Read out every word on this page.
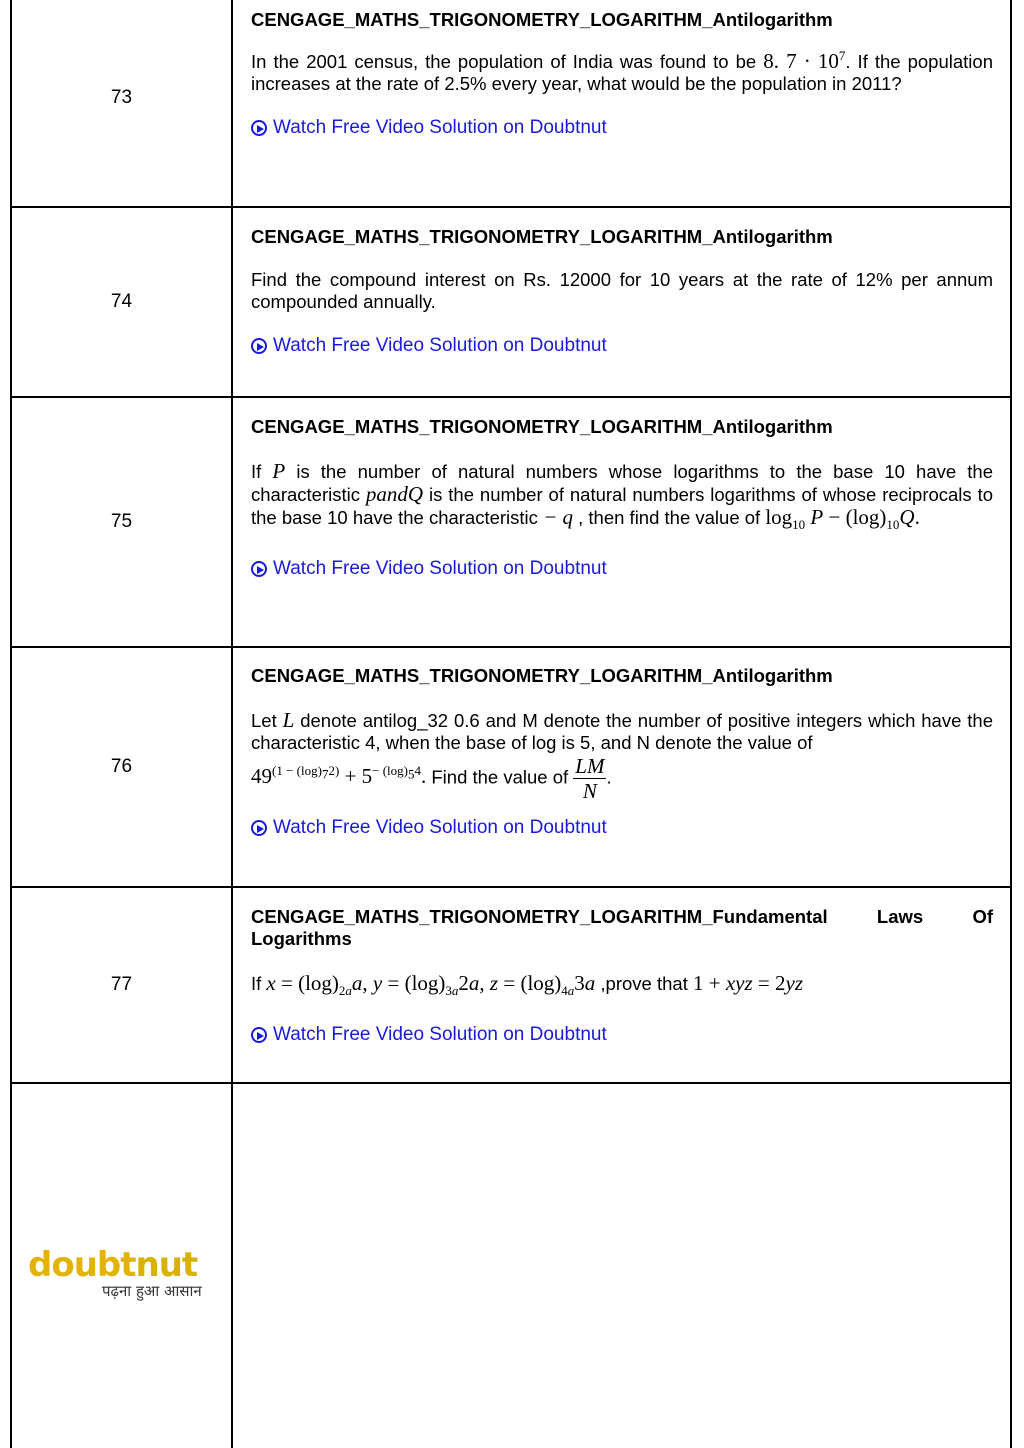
73
CENGAGE_MATHS_TRIGONOMETRY_LOGARITHM_Antilogarithm
In the 2001 census, the population of India was found to be 8. $7 \cdot 10^7$. If the population increases at the rate of 2.5% every year, what would be the population in 2011?
Watch Free Video Solution on Doubtnut
74
CENGAGE_MATHS_TRIGONOMETRY_LOGARITHM_Antilogarithm
Find the compound interest on Rs. 12000 for 10 years at the rate of 12% per annum compounded annually.
Watch Free Video Solution on Doubtnut
75
CENGAGE_MATHS_TRIGONOMETRY_LOGARITHM_Antilogarithm
If P is the number of natural numbers whose logarithms to the base 10 have the characteristic pandQ is the number of natural numbers logarithms of whose reciprocals to the base 10 have the characteristic − q , then find the value of $\log_{10} P - (\log)_{10}Q$.
Watch Free Video Solution on Doubtnut
76
CENGAGE_MATHS_TRIGONOMETRY_LOGARITHM_Antilogarithm
Let L denote antilog_32 0.6 and M denote the number of positive integers which have the characteristic 4, when the base of log is 5, and N denote the value of
$49^{(1 - (log)_72)} + 5^{- (log)_54}$. Find the value of $\frac{LM}{N}$ .
Watch Free Video Solution on Doubtnut
77
CENGAGE_MATHS_TRIGONOMETRY_LOGARITHM_Fundamental Laws Of Logarithms
If $x = (\log)_{2a}a$, $y = (\log)_{3a}2a$, $z = (\log)_{4a}3a$ ,prove that 1 + xyz = 2yz
Watch Free Video Solution on Doubtnut
doubtnut
पढ़ना हुआ आसान
